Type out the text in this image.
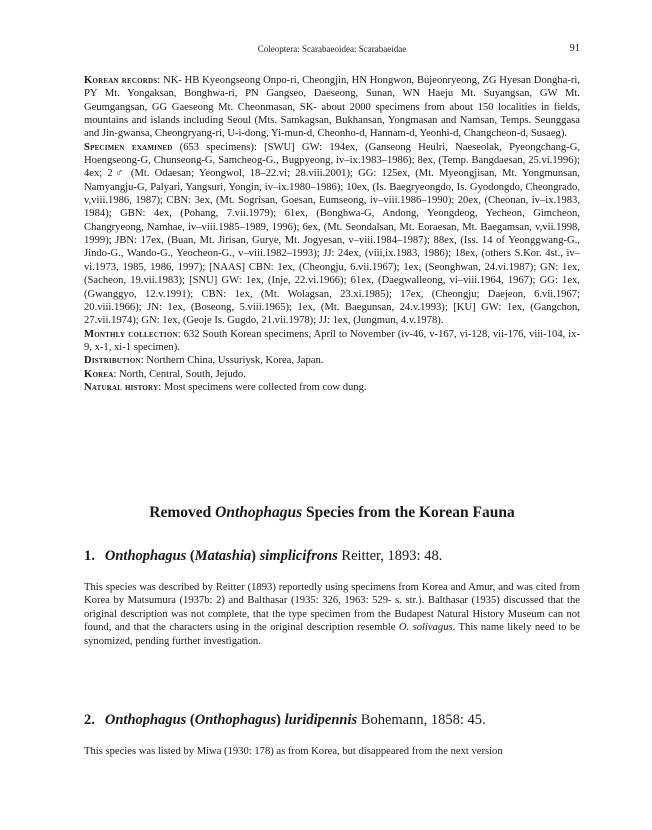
Coleoptera: Scarabaeoidea: Scarabaeidae	91

Korean records: NK- HB Kyeongseong Onpo-ri, Cheongjin, HN Hongwon, Bujeonryeong, ZG Hyesan Dongha-ri, PY Mt. Yongaksan, Bonghwa-ri, PN Gangseo, Daeseong, Sunan, WN Haeju Mt. Suyangsan, GW Mt. Geumgangsan, GG Gaeseong Mt. Cheonmasan, SK- about 2000 specimens from about 150 localities in fields, mountains and islands including Seoul (Mts. Samkagsan, Bukhansan, Yongmasan and Namsan, Temps. Seunggasa and Jin-gwansa, Cheongryang-ri, U-i-dong, Yi-mun-d, Cheonho-d, Hannam-d, Yeonhi-d, Changcheon-d, Susaeg).

Specimen examined (653 specimens): [SWU] GW: 194ex, (Ganseong Heulri, Naeseolak, Pyeongchang-G, Hoengseong-G, Chunseong-G, Samcheog-G., Bugpyeong, iv–ix.1983–1986); 8ex, (Temp. Bangdaesan, 25.vi.1996); 4ex; 2♂ (Mt. Odaesan; Yeongwol, 18–22.vi; 28.viii.2001); GG: 125ex, (Mt. Myeongjisan, Mt. Yongmunsan, Namyangju-G, Palyari, Yangsuri, Yongin, iv–ix.1980–1986); 10ex, (Is. Baegryeongdo, Is. Gyodongdo, Cheongrado, v,viii.1986, 1987); CBN: 3ex, (Mt. Sogrisan, Goesan, Eumseong, iv–viii.1986–1990); 20ex, (Cheonan, iv–ix.1983, 1984); GBN: 4ex, (Pohang, 7.vii.1979); 61ex, (Bonghwa-G, Andong, Yeongdeog, Yecheon, Gimcheon, Changryeong, Namhae, iv–viii.1985–1989, 1996); 6ex, (Mt. Seondalsan, Mt. Eoraesan, Mt. Baegamsan, v,vii.1998, 1999); JBN: 17ex, (Buan, Mt. Jirisan, Gurye, Mt. Jogyesan, v–viii.1984–1987); 88ex, (Iss. 14 of Yeonggwang-G., Jindo-G., Wando-G., Yeocheon-G., v–viii.1982–1993); JJ: 24ex, (viii,ix.1983, 1986); 18ex, (others S.Kor. 4st., iv–vi.1973, 1985, 1986, 1997); [NAAS] CBN: 1ex, (Cheongju, 6.vii.1967); 1ex, (Seonghwan, 24.vi.1987); GN: 1ex, (Sacheon, 19.vii.1983); [SNU] GW: 1ex, (Inje, 22.vi.1966); 61ex, (Daegwalleong, vi–viii.1964, 1967); GG: 1ex, (Gwanggyo, 12.v.1991); CBN: 1ex, (Mt. Wolagsan, 23.xi.1985); 17ex, (Cheongju; Daejeon, 6.vii.1967; 20.viii.1966); JN: 1ex, (Boseong, 5.viii.1965); 1ex, (Mt. Baegunsan, 24.v.1993); [KU] GW: 1ex, (Gangchon, 27.vii.1974); GN: 1ex, (Geoje Is. Gugdo, 21.vii.1978); JJ: 1ex, (Jungmun, 4.v.1978).

Monthly collection: 632 South Korean specimens, April to November (iv-46, v-167, vi-128, vii-176, viii-104, ix-9, x-1, xi-1 specimen).

Distribution: Northern China, Ussuriysk, Korea, Japan.

Korea: North, Central, South, Jejudo.

Natural history: Most specimens were collected from cow dung.

Removed Onthophagus Species from the Korean Fauna
1. Onthophagus (Matashia) simplicifrons Reitter, 1893: 48.

This species was described by Reitter (1893) reportedly using specimens from Korea and Amur, and was cited from Korea by Matsumura (1937b: 2) and Balthasar (1935: 326, 1963: 529- s. str.). Balthasar (1935) discussed that the original description was not complete, that the type specimen from the Budapest Natural History Museum can not found, and that the characters using in the original description resemble O. solivagus. This name likely need to be synomized, pending further investigation.

2. Onthophagus (Onthophagus) luridipennis Bohemann, 1858: 45.

This species was listed by Miwa (1930: 178) as from Korea, but disappeared from the next version
